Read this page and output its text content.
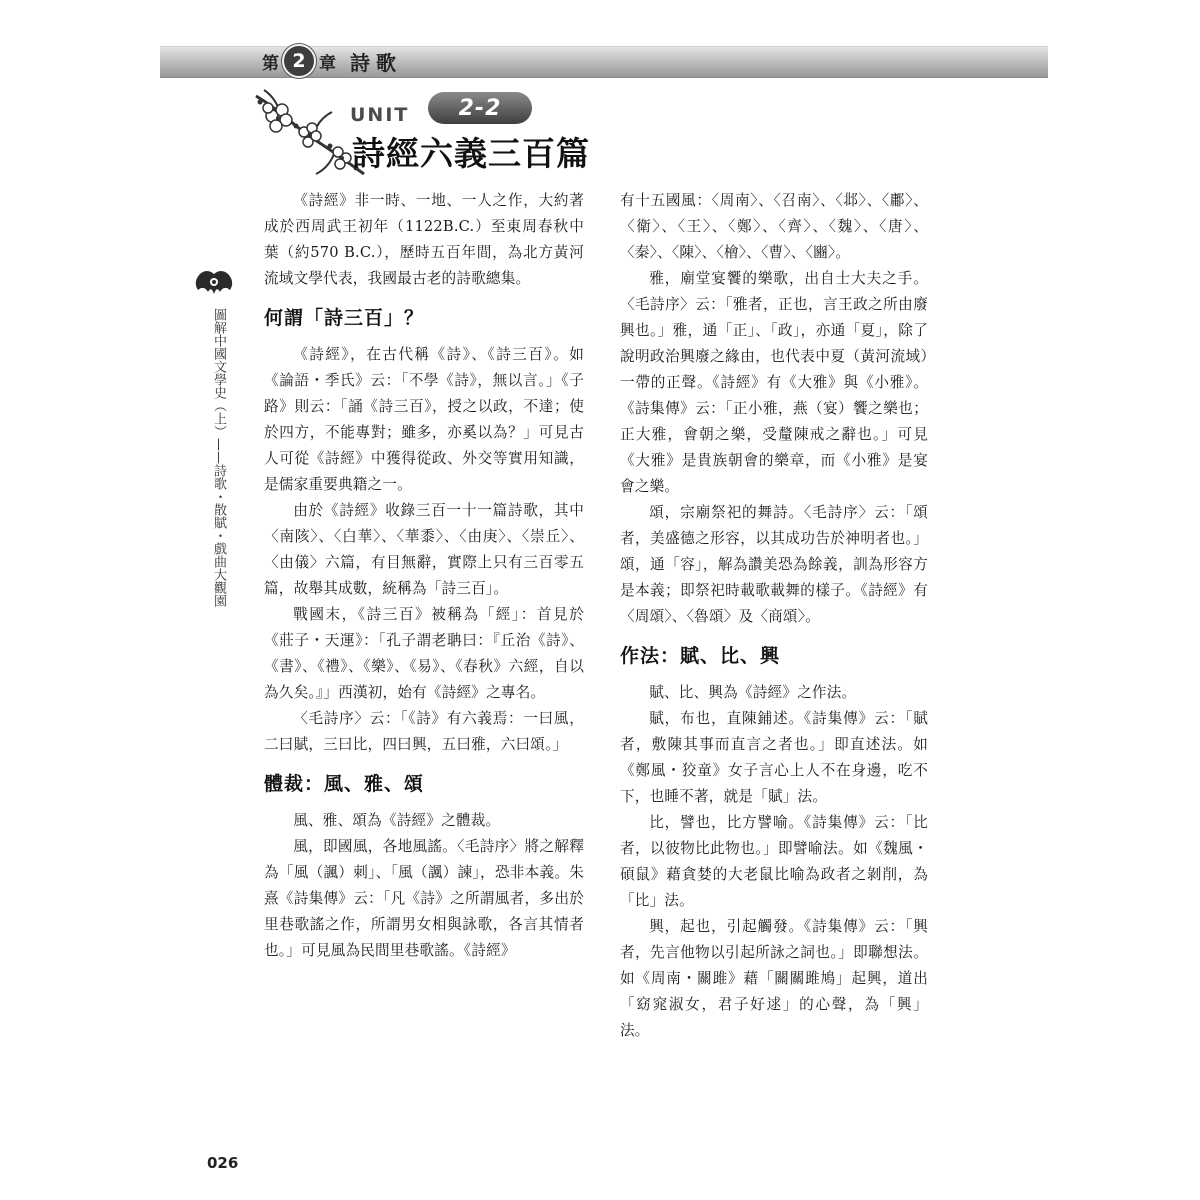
第 2 章 詩歌
UNIT	2-2
詩經六義三百篇
圖解中國文學史（上）——詩歌・散賦・戲曲大觀園

《詩經》非一時、一地、一人之作，大約著成於西周武王初年（1122B.C.）至東周春秋中葉（約570 B.C.），歷時五百年間，為北方黃河流域文學代表，我國最古老的詩歌總集。

何謂「詩三百」？

《詩經》，在古代稱《詩》、《詩三百》。如《論語・季氏》云：「不學《詩》，無以言。」《子路》則云：「誦《詩三百》，授之以政，不達；使於四方，不能專對；雖多，亦奚以為？」可見古人可從《詩經》中獲得從政、外交等實用知識，是儒家重要典籍之一。

由於《詩經》收錄三百一十一篇詩歌，其中〈南陔〉、〈白華〉、〈華黍〉、〈由庚〉、〈崇丘〉、〈由儀〉六篇，有目無辭，實際上只有三百零五篇，故舉其成數，統稱為「詩三百」。

戰國末，《詩三百》被稱為「經」：首見於《莊子・天運》：「孔子謂老聃曰：『丘治《詩》、《書》、《禮》、《樂》、《易》、《春秋》六經，自以為久矣。』」西漢初，始有《詩經》之專名。

〈毛詩序〉云：「《詩》有六義焉：一曰風，二曰賦，三曰比，四曰興，五曰雅，六曰頌。」

體裁：風、雅、頌

風、雅、頌為《詩經》之體裁。

風，即國風，各地風謠。〈毛詩序〉將之解釋為「風（諷）刺」、「風（諷）諫」，恐非本義。朱熹《詩集傳》云：「凡《詩》之所謂風者，多出於里巷歌謠之作，所謂男女相與詠歌，各言其情者也。」可見風為民間里巷歌謠。《詩經》

有十五國風：〈周南〉、〈召南〉、〈邶〉、〈鄘〉、〈衛〉、〈王〉、〈鄭〉、〈齊〉、〈魏〉、〈唐〉、〈秦〉、〈陳〉、〈檜〉、〈曹〉、〈豳〉。

雅，廟堂宴饗的樂歌，出自士大夫之手。〈毛詩序〉云：「雅者，正也，言王政之所由廢興也。」雅，通「正」、「政」，亦通「夏」，除了說明政治興廢之緣由，也代表中夏（黃河流域）一帶的正聲。《詩經》有《大雅》與《小雅》。《詩集傳》云：「正小雅，燕（宴）饗之樂也；正大雅，會朝之樂，受釐陳戒之辭也。」可見《大雅》是貴族朝會的樂章，而《小雅》是宴會之樂。

頌，宗廟祭祀的舞詩。〈毛詩序〉云：「頌者，美盛德之形容，以其成功告於神明者也。」頌，通「容」，解為讚美恐為餘義，訓為形容方是本義；即祭祀時載歌載舞的樣子。《詩經》有〈周頌〉、〈魯頌〉及〈商頌〉。

作法：賦、比、興

賦、比、興為《詩經》之作法。

賦，布也，直陳鋪述。《詩集傳》云：「賦者，敷陳其事而直言之者也。」即直述法。如《鄭風・狡童》女子言心上人不在身邊，吃不下，也睡不著，就是「賦」法。

比，譬也，比方譬喻。《詩集傳》云：「比者，以彼物比此物也。」即譬喻法。如《魏風・碩鼠》藉貪婪的大老鼠比喻為政者之剝削，為「比」法。

興，起也，引起觸發。《詩集傳》云：「興者，先言他物以引起所詠之詞也。」即聯想法。如《周南・關雎》藉「關關雎鳩」起興，道出「窈窕淑女，君子好逑」的心聲，為「興」法。

026
